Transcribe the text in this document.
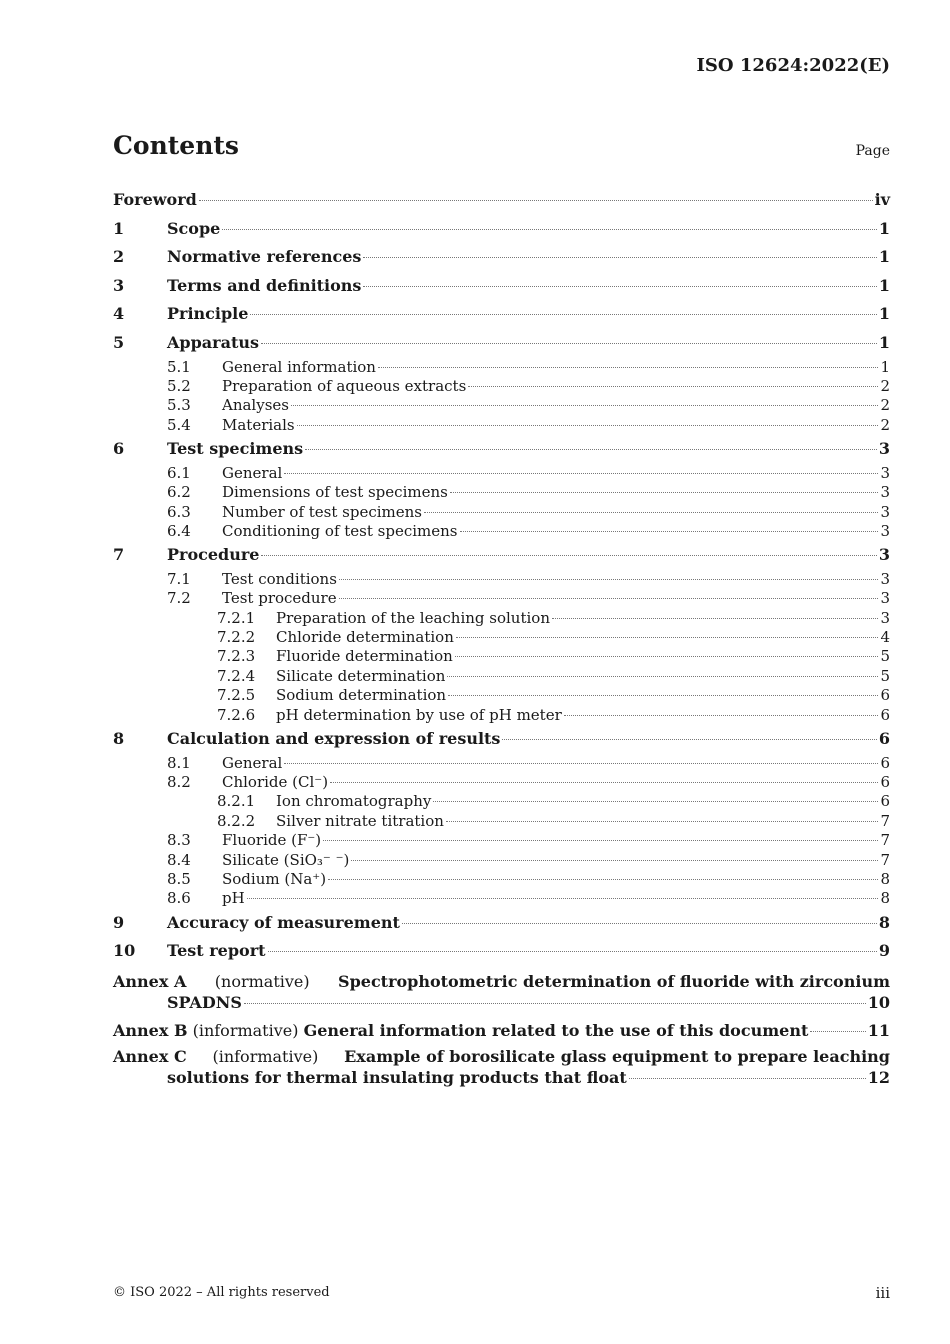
ISO 12624:2022(E)
Contents	Page
Foreword	iv
1	Scope	1
2	Normative references	1
3	Terms and definitions	1
4	Principle	1
5	Apparatus	1
5.1	General information	1
5.2	Preparation of aqueous extracts	2
5.3	Analyses	2
5.4	Materials	2
6	Test specimens	3
6.1	General	3
6.2	Dimensions of test specimens	3
6.3	Number of test specimens	3
6.4	Conditioning of test specimens	3
7	Procedure	3
7.1	Test conditions	3
7.2	Test procedure	3
7.2.1	Preparation of the leaching solution	3
7.2.2	Chloride determination	4
7.2.3	Fluoride determination	5
7.2.4	Silicate determination	5
7.2.5	Sodium determination	6
7.2.6	pH determination by use of pH meter	6
8	Calculation and expression of results	6
8.1	General	6
8.2	Chloride (Cl⁻)	6
8.2.1	Ion chromatography	6
8.2.2	Silver nitrate titration	7
8.3	Fluoride (F⁻)	7
8.4	Silicate (SiO₃⁻ ⁻)	7
8.5	Sodium (Na⁺)	8
8.6	pH	8
9	Accuracy of measurement	8
10	Test report	9
Annex A (normative) Spectrophotometric determination of fluoride with zirconium
SPADNS	10
Annex B
(informative)
General information related to the use of this document	11
Annex C (informative) Example of borosilicate glass equipment to prepare leaching
solutions for thermal insulating products that float	12
© ISO 2022 – All rights reserved	iii
